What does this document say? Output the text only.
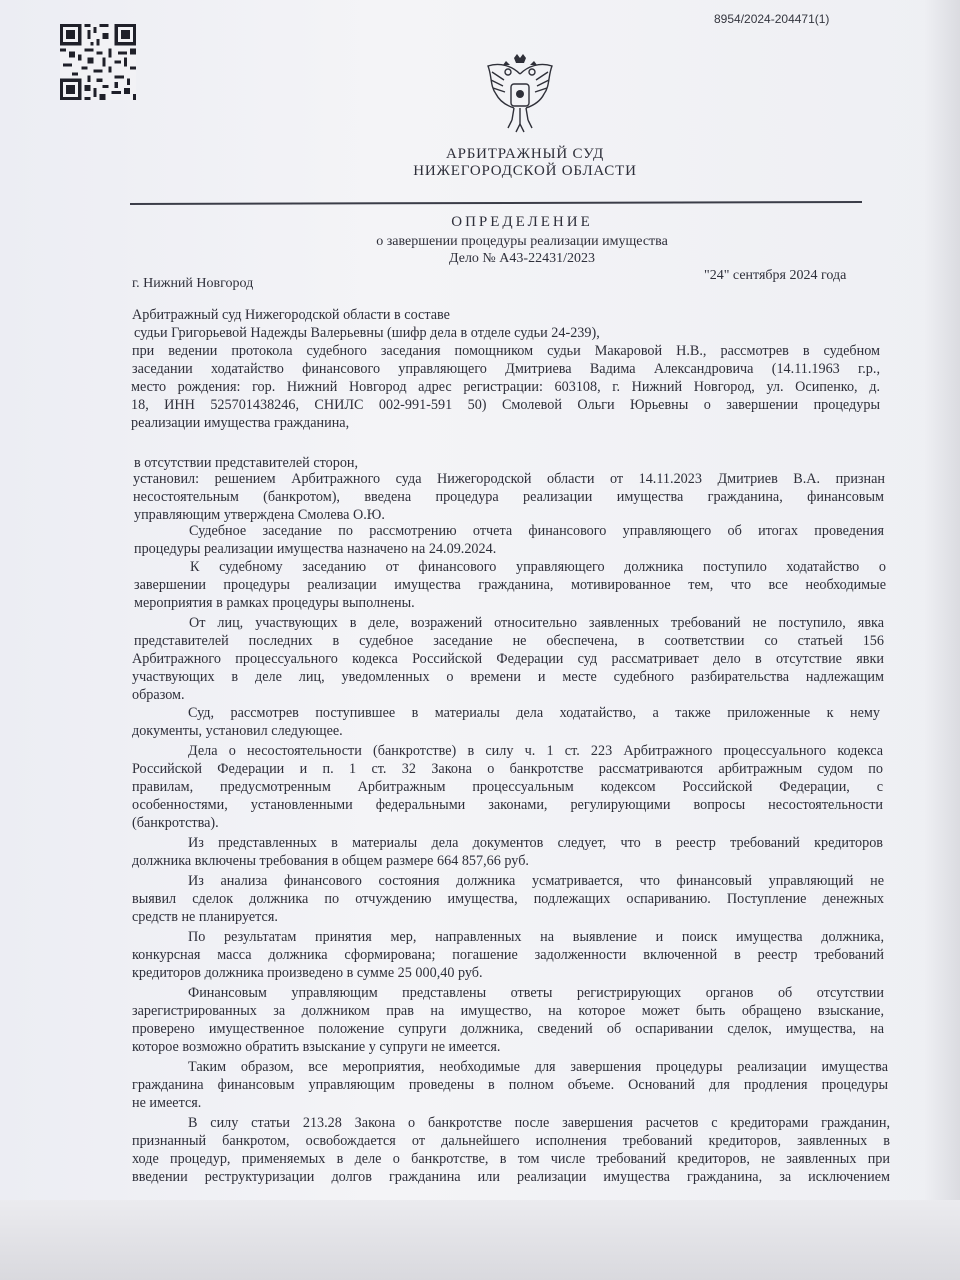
8954/2024-204471(1)
АРБИТРАЖНЫЙ СУД
НИЖЕГОРОДСКОЙ ОБЛАСТИ
ОПРЕДЕЛЕНИЕ
о завершении процедуры реализации имущества
Дело № А43-22431/2023
г. Нижний Новгород
"24" сентября 2024 года
Арбитражный суд Нижегородской области в составе
судьи Григорьевой Надежды Валерьевны (шифр дела в отделе судьи 24-239),
при ведении протокола судебного заседания помощником судьи Макаровой Н.В., рассмотрев в судебном
заседании ходатайство финансового управляющего Дмитриева Вадима Александровича (14.11.1963 г.р.,
место рождения: гор. Нижний Новгород адрес регистрации: 603108, г. Нижний Новгород, ул. Осипенко, д.
18, ИНН 525701438246, СНИЛС 002-991-591 50) Смолевой Ольги Юрьевны о завершении процедуры
реализации имущества гражданина,
в отсутствии представителей сторон,
установил: решением Арбитражного суда Нижегородской области от 14.11.2023 Дмитриев В.А. признан
несостоятельным (банкротом), введена процедура реализации имущества гражданина, финансовым
управляющим утверждена Смолева О.Ю.
Судебное заседание по рассмотрению отчета финансового управляющего об итогах проведения
процедуры реализации имущества назначено на 24.09.2024.
К судебному заседанию от финансового управляющего должника поступило ходатайство о
завершении процедуры реализации имущества гражданина, мотивированное тем, что все необходимые
мероприятия в рамках процедуры выполнены.
От лиц, участвующих в деле, возражений относительно заявленных требований не поступило, явка
представителей последних в судебное заседание не обеспечена, в соответствии со статьей 156
Арбитражного процессуального кодекса Российской Федерации суд рассматривает дело в отсутствие явки
участвующих в деле лиц, уведомленных о времени и месте судебного разбирательства надлежащим
образом.
Суд, рассмотрев поступившее в материалы дела ходатайство, а также приложенные к нему
документы, установил следующее.
Дела о несостоятельности (банкротстве) в силу ч. 1 ст. 223 Арбитражного процессуального кодекса
Российской Федерации и п. 1 ст. 32 Закона о банкротстве рассматриваются арбитражным судом по
правилам, предусмотренным Арбитражным процессуальным кодексом Российской Федерации, с
особенностями, установленными федеральными законами, регулирующими вопросы несостоятельности
(банкротства).
Из представленных в материалы дела документов следует, что в реестр требований кредиторов
должника включены требования в общем размере 664 857,66 руб.
Из анализа финансового состояния должника усматривается, что финансовый управляющий не
выявил сделок должника по отчуждению имущества, подлежащих оспариванию. Поступление денежных
средств не планируется.
По результатам принятия мер, направленных на выявление и поиск имущества должника,
конкурсная масса должника сформирована; погашение задолженности включенной в реестр требований
кредиторов должника произведено в сумме 25 000,40 руб.
Финансовым управляющим представлены ответы регистрирующих органов об отсутствии
зарегистрированных за должником прав на имущество, на которое может быть обращено взыскание,
проверено имущественное положение супруги должника, сведений об оспаривании сделок, имущества, на
которое возможно обратить взыскание у супруги не имеется.
Таким образом, все мероприятия, необходимые для завершения процедуры реализации имущества
гражданина финансовым управляющим проведены в полном объеме. Оснований для продления процедуры
не имеется.
В силу статьи 213.28 Закона о банкротстве после завершения расчетов с кредиторами гражданин,
признанный банкротом, освобождается от дальнейшего исполнения требований кредиторов, заявленных в
ходе процедур, применяемых в деле о банкротстве, в том числе требований кредиторов, не заявленных при
введении реструктуризации долгов гражданина или реализации имущества гражданина, за исключением
